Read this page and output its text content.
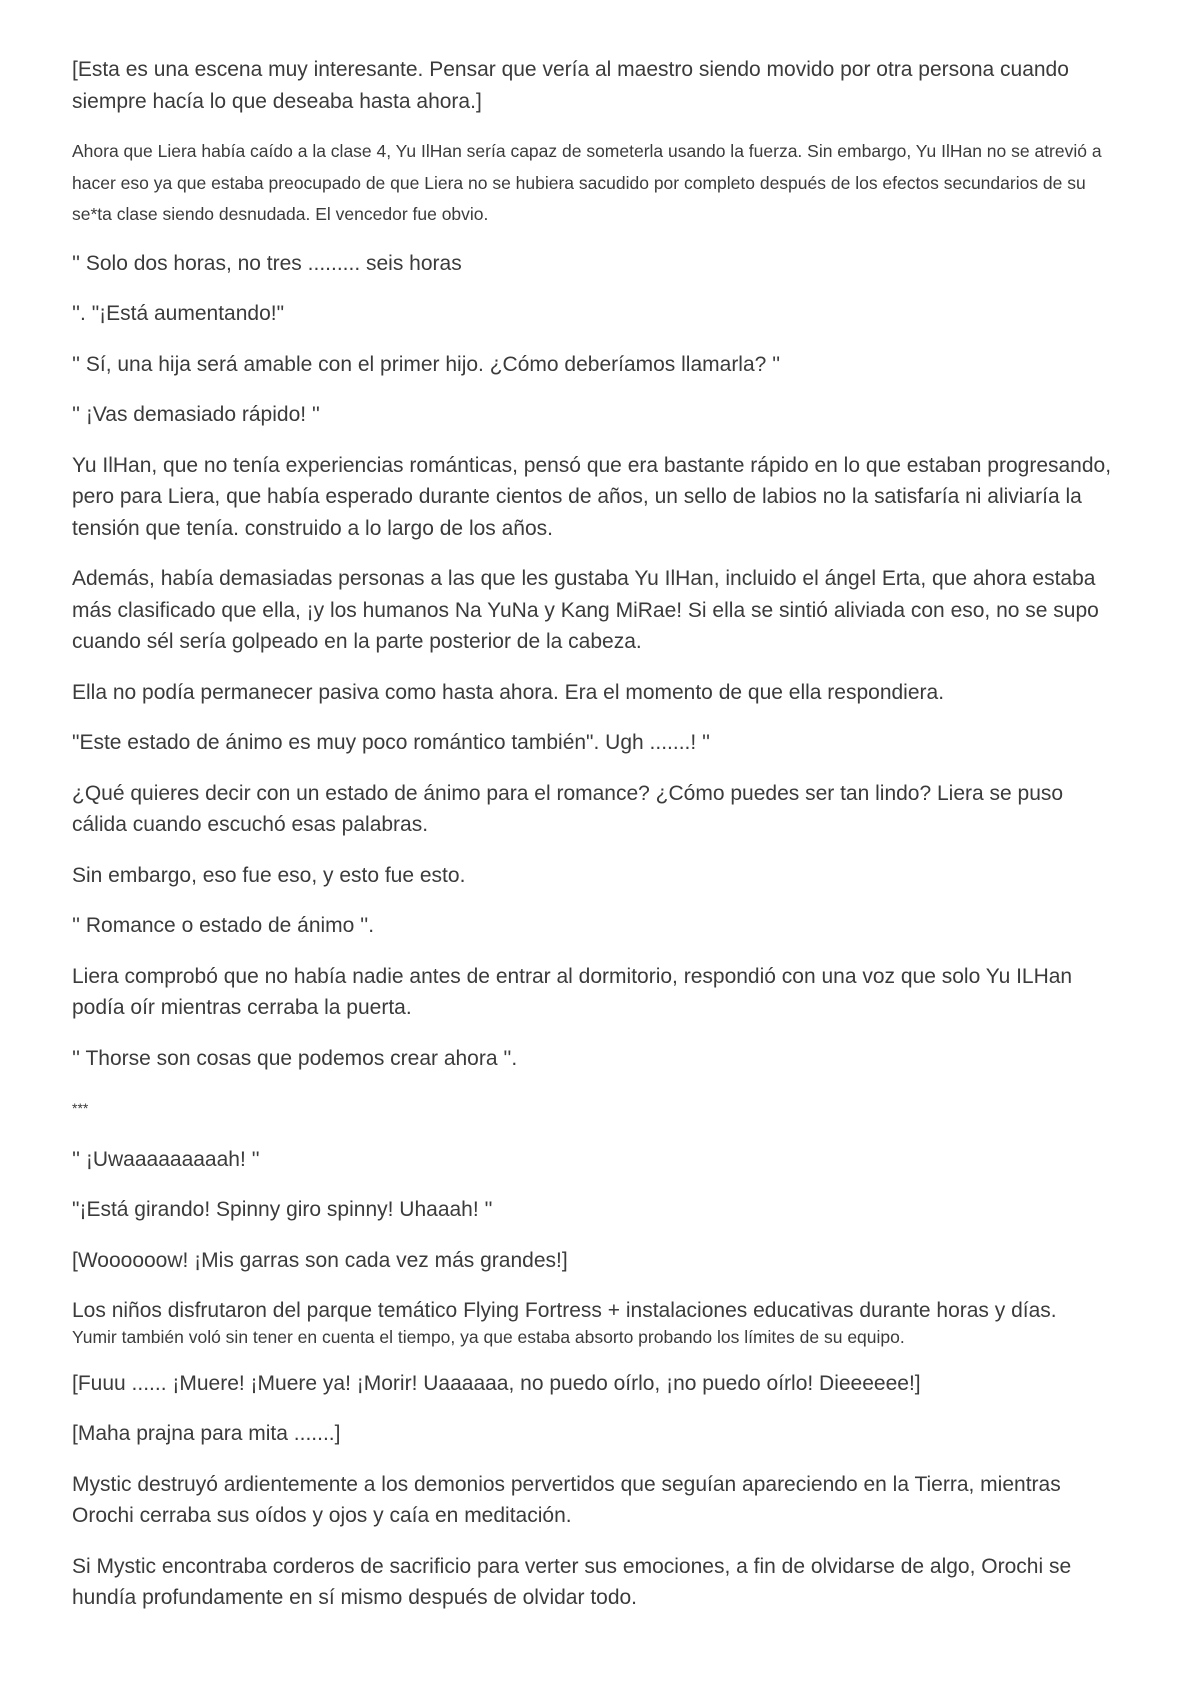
[Esta es una escena muy interesante. Pensar que vería al maestro siendo movido por otra persona cuando siempre hacía lo que deseaba hasta ahora.]

Ahora que Liera había caído a la clase 4, Yu IlHan sería capaz de someterla usando la fuerza. Sin embargo, Yu IlHan no se atrevió a hacer eso ya que estaba preocupado de que Liera no se hubiera sacudido por completo después de los efectos secundarios de su se*ta clase siendo desnudada. El vencedor fue obvio.

'' Solo dos horas, no tres ......... seis horas

''. "¡Está aumentando!"

'' Sí, una hija será amable con el primer hijo. ¿Cómo deberíamos llamarla? ''

'' ¡Vas demasiado rápido! ''

Yu IlHan, que no tenía experiencias románticas, pensó que era bastante rápido en lo que estaban progresando, pero para Liera, que había esperado durante cientos de años, un sello de labios no la satisfaría ni aliviaría la tensión que tenía. construido a lo largo de los años.

Además, había demasiadas personas a las que les gustaba Yu IlHan, incluido el ángel Erta, que ahora estaba más clasificado que ella, ¡y los humanos Na YuNa y Kang MiRae! Si ella se sintió aliviada con eso, no se supo cuando sél sería golpeado en la parte posterior de la cabeza.

Ella no podía permanecer pasiva como hasta ahora. Era el momento de que ella respondiera.

"Este estado de ánimo es muy poco romántico también". Ugh .......! ''

¿Qué quieres decir con un estado de ánimo para el romance? ¿Cómo puedes ser tan lindo? Liera se puso cálida cuando escuchó esas palabras.

Sin embargo, eso fue eso, y esto fue esto.

'' Romance o estado de ánimo ''.

Liera comprobó que no había nadie antes de entrar al dormitorio, respondió con una voz que solo Yu ILHan podía oír mientras cerraba la puerta.

'' Thorse son cosas que podemos crear ahora ''.

***

'' ¡Uwaaaaaaaaah! ''

"¡Está girando! Spinny giro spinny! Uhaaah! ''

[Woooooow! ¡Mis garras son cada vez más grandes!]

Los niños disfrutaron del parque temático Flying Fortress + instalaciones educativas durante horas y días.

Yumir también voló sin tener en cuenta el tiempo, ya que estaba absorto probando los límites de su equipo.

[Fuuu ...... ¡Muere! ¡Muere ya! ¡Morir! Uaaaaaa, no puedo oírlo, ¡no puedo oírlo! Dieeeeee!]

[Maha prajna para mita .......]

Mystic destruyó ardientemente a los demonios pervertidos que seguían apareciendo en la Tierra, mientras Orochi cerraba sus oídos y ojos y caía en meditación.

Si Mystic encontraba corderos de sacrificio para verter sus emociones, a fin de olvidarse de algo, Orochi se hundía profundamente en sí mismo después de olvidar todo.
